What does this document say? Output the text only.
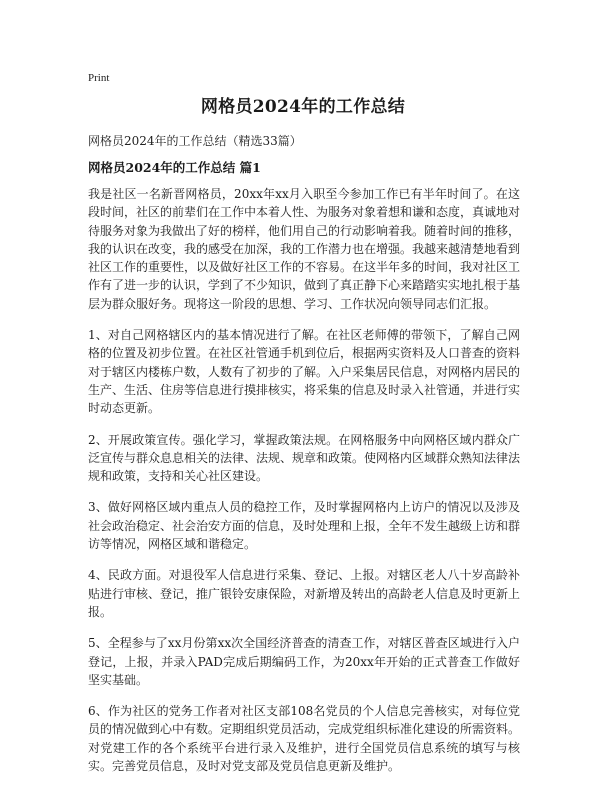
Print
网格员2024年的工作总结
网格员2024年的工作总结（精选33篇）
网格员2024年的工作总结 篇1

我是社区一名新晋网格员，20xx年xx月入职至今参加工作已有半年时间了。在这段时间，社区的前辈们在工作中本着人性、为服务对象着想和谦和态度，真诚地对待服务对象为我做出了好的榜样，他们用自己的行动影响着我。随着时间的推移，我的认识在改变，我的感受在加深，我的工作潜力也在增强。我越来越清楚地看到社区工作的重要性，以及做好社区工作的不容易。在这半年多的时间，我对社区工作有了进一步的认识，学到了不少知识，做到了真正静下心来踏踏实实地扎根于基层为群众服好务。现将这一阶段的思想、学习、工作状况向领导同志们汇报。

1、对自己网格辖区内的基本情况进行了解。在社区老师傅的带领下，了解自己网格的位置及初步位置。在社区社管通手机到位后，根据两实资料及人口普查的资料对于辖区内楼栋户数，人数有了初步的了解。入户采集居民信息，对网格内居民的生产、生活、住房等信息进行摸排核实，将采集的信息及时录入社管通，并进行实时动态更新。

2、开展政策宣传。强化学习，掌握政策法规。在网格服务中向网格区域内群众广泛宣传与群众息息相关的法律、法规、规章和政策。使网格内区域群众熟知法律法规和政策，支持和关心社区建设。

3、做好网格区域内重点人员的稳控工作，及时掌握网格内上访户的情况以及涉及社会政治稳定、社会治安方面的信息，及时处理和上报，全年不发生越级上访和群访等情况，网格区域和谐稳定。

4、民政方面。对退役军人信息进行采集、登记、上报。对辖区老人八十岁高龄补贴进行审核、登记，推广银铃安康保险，对新增及转出的高龄老人信息及时更新上报。

5、全程参与了xx月份第xx次全国经济普查的清查工作，对辖区普查区域进行入户登记，上报，并录入PAD完成后期编码工作，为20xx年开始的正式普查工作做好坚实基础。

6、作为社区的党务工作者对社区支部108名党员的个人信息完善核实，对每位党员的情况做到心中有数。定期组织党员活动，完成党组织标准化建设的所需资料。对党建工作的各个系统平台进行录入及维护，进行全国党员信息系统的填写与核实。完善党员信息，及时对党支部及党员信息更新及维护。
